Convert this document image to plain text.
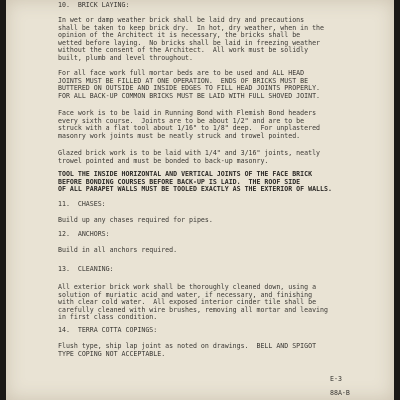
10.  BRICK LAYING:
In wet or damp weather brick shall be laid dry and precautions
shall be taken to keep brick dry.  In hot, dry weather, when in the
opinion of the Architect it is necessary, the bricks shall be
wetted before laying.  No bricks shall be laid in freezing weather
without the consent of the Architect.  All work must be solidly
built, plumb and level throughout.
For all face work full mortar beds are to be used and ALL HEAD
JOINTS MUST BE FILLED AT ONE OPERATION.  ENDS OF BRICKS MUST BE
BUTTERED ON OUTSIDE AND INSIDE EDGES TO FILL HEAD JOINTS PROPERLY.
FOR ALL BACK-UP COMMON BRICKS MUST BE LAID WITH FULL SHOVED JOINT.
Face work is to be laid in Running Bond with Flemish Bond headers
every sixth course.  Joints are to be about 1/2" and are to be
struck with a flat tool about 1/16" to 1/8" deep.  For unplastered
masonry work joints must be neatly struck and trowel pointed.
Glazed brick work is to be laid with 1/4" and 3/16" joints, neatly
trowel pointed and must be bonded to back-up masonry.
TOOL THE INSIDE HORIZONTAL AND VERTICAL JOINTS OF THE FACE BRICK
BEFORE BONDING COURSES BEFORE BACK-UP IS LAID.  THE ROOF SIDE
OF ALL PARAPET WALLS MUST BE TOOLED EXACTLY AS THE EXTERIOR OF WALLS.
11.  CHASES:
Build up any chases required for pipes.
12.  ANCHORS:
Build in all anchors required.
13.  CLEANING:
All exterior brick work shall be thoroughly cleaned down, using a
solution of muriatic acid and water, if necessary, and finishing
with clear cold water.  All exposed interior cinder tile shall be
carefully cleaned with wire brushes, removing all mortar and leaving
in first class condition.
14.  TERRA COTTA COPINGS:
Flush type, ship lap joint as noted on drawings.  BELL AND SPIGOT
TYPE COPING NOT ACCEPTABLE.
E-3
88A-B
